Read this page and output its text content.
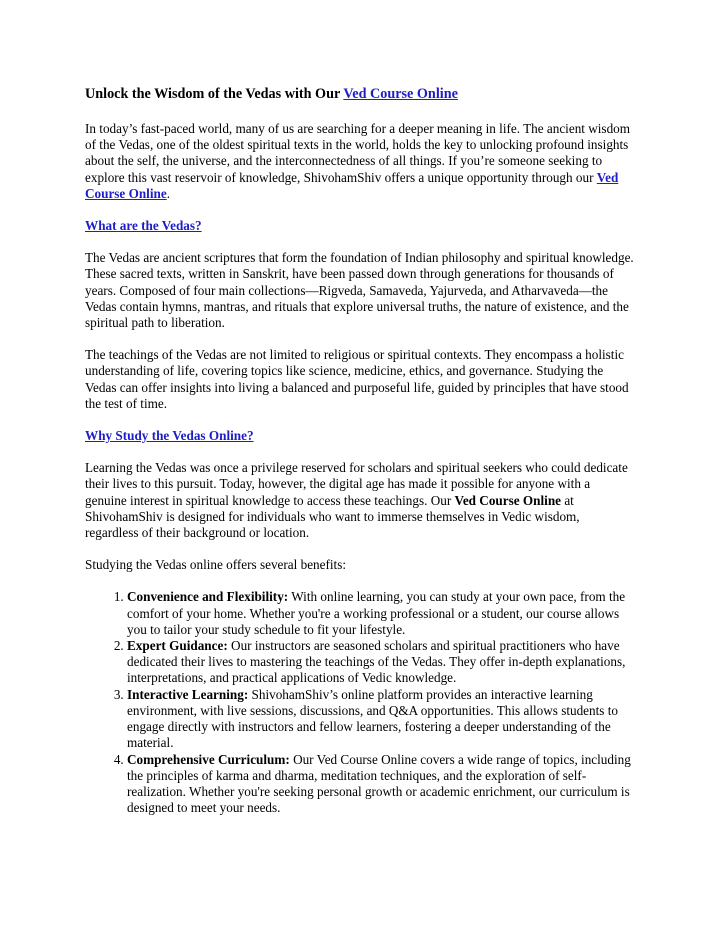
Unlock the Wisdom of the Vedas with Our Ved Course Online

In today’s fast-paced world, many of us are searching for a deeper meaning in life. The ancient wisdom of the Vedas, one of the oldest spiritual texts in the world, holds the key to unlocking profound insights about the self, the universe, and the interconnectedness of all things. If you’re someone seeking to explore this vast reservoir of knowledge, ShivohamShiv offers a unique opportunity through our Ved Course Online.

What are the Vedas?

The Vedas are ancient scriptures that form the foundation of Indian philosophy and spiritual knowledge. These sacred texts, written in Sanskrit, have been passed down through generations for thousands of years. Composed of four main collections—Rigveda, Samaveda, Yajurveda, and Atharvaveda—the Vedas contain hymns, mantras, and rituals that explore universal truths, the nature of existence, and the spiritual path to liberation.

The teachings of the Vedas are not limited to religious or spiritual contexts. They encompass a holistic understanding of life, covering topics like science, medicine, ethics, and governance. Studying the Vedas can offer insights into living a balanced and purposeful life, guided by principles that have stood the test of time.

Why Study the Vedas Online?

Learning the Vedas was once a privilege reserved for scholars and spiritual seekers who could dedicate their lives to this pursuit. Today, however, the digital age has made it possible for anyone with a genuine interest in spiritual knowledge to access these teachings. Our Ved Course Online at ShivohamShiv is designed for individuals who want to immerse themselves in Vedic wisdom, regardless of their background or location.

Studying the Vedas online offers several benefits:

1. Convenience and Flexibility: With online learning, you can study at your own pace, from the comfort of your home. Whether you're a working professional or a student, our course allows you to tailor your study schedule to fit your lifestyle.
2. Expert Guidance: Our instructors are seasoned scholars and spiritual practitioners who have dedicated their lives to mastering the teachings of the Vedas. They offer in-depth explanations, interpretations, and practical applications of Vedic knowledge.
3. Interactive Learning: ShivohamShiv’s online platform provides an interactive learning environment, with live sessions, discussions, and Q&A opportunities. This allows students to engage directly with instructors and fellow learners, fostering a deeper understanding of the material.
4. Comprehensive Curriculum: Our Ved Course Online covers a wide range of topics, including the principles of karma and dharma, meditation techniques, and the exploration of self-realization. Whether you're seeking personal growth or academic enrichment, our curriculum is designed to meet your needs.
